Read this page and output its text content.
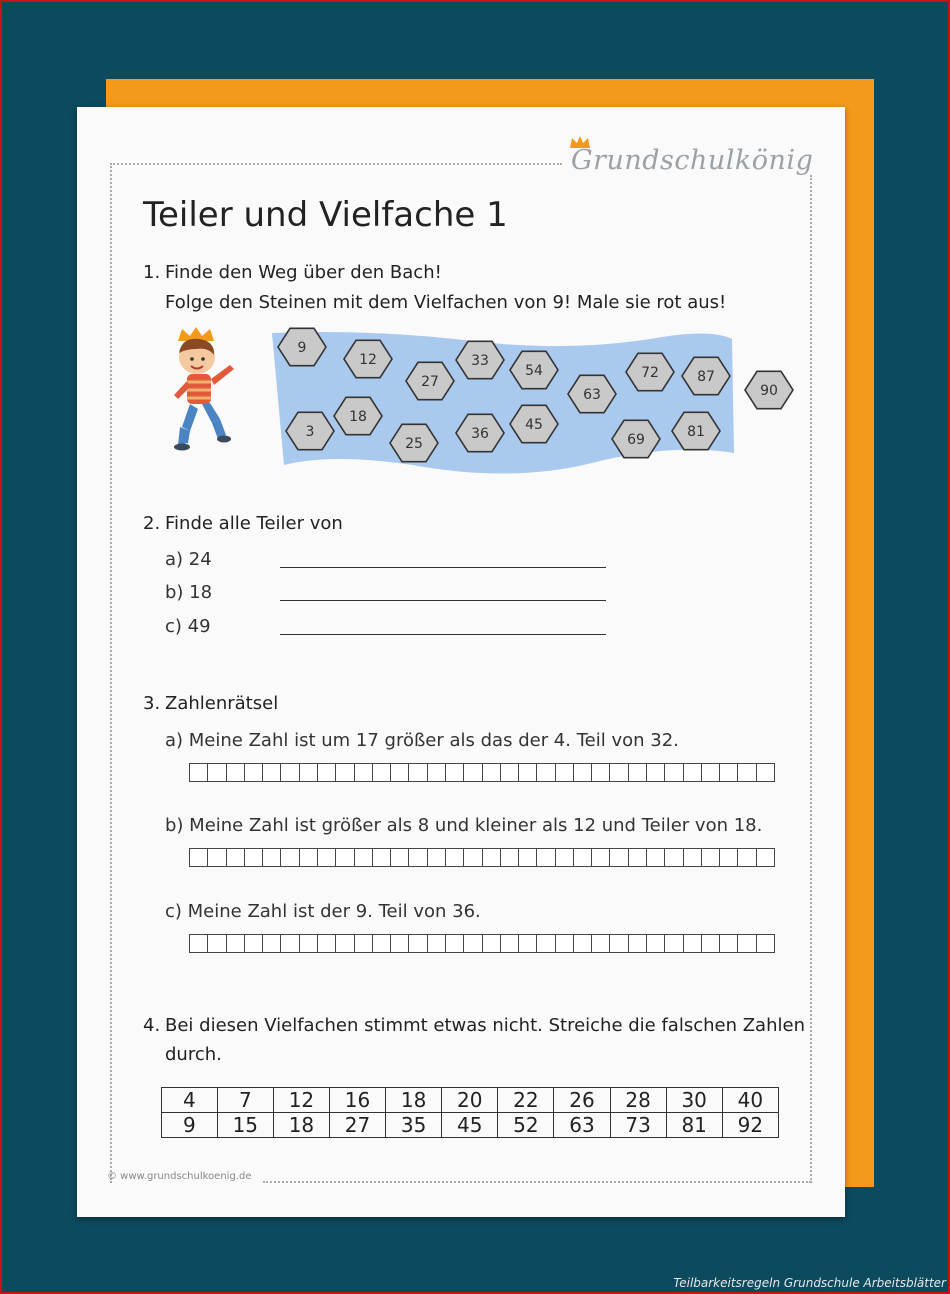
Grundschulkönig
Teiler und Vielfache 1
1. Finde den Weg über den Bach!
Folge den Steinen mit dem Vielfachen von 9! Male sie rot aus!
9
12
27
33
54
63
72	87
90
3
18
25
36
45
69	81
2. Finde alle Teiler von
a) 24
b) 18
c) 49
3. Zahlenrätsel
a) Meine Zahl ist um 17 größer als das der 4. Teil von 32.
b) Meine Zahl ist größer als 8 und kleiner als 12 und Teiler von 18.
c) Meine Zahl ist der 9. Teil von 36.
4. Bei diesen Vielfachen stimmt etwas nicht. Streiche die falschen Zahlen
durch.
4	7	12	16	18	20	22	26	28	30	40
9	15	18	27	35	45	52	63	73	81	92
© www.grundschulkoenig.de
Teilbarkeitsregeln Grundschule Arbeitsblätter
